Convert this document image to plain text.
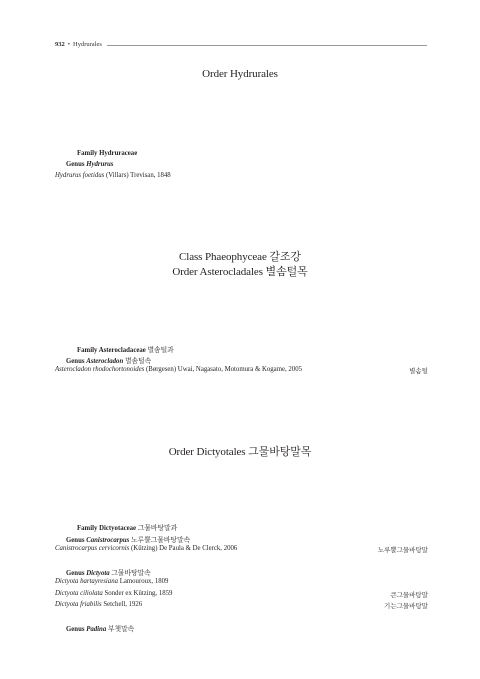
932 • Hydrurales
Order Hydrurales
Family Hydruraceae
Genus Hydrurus
Hydrurus foetidus (Villars) Trevisan, 1848
Class Phaeophyceae 갈조강
Order Asterocladales 별솜털목
Family Asterocladaceae 별솜털과
Genus Asterocladon 별솜털속
Asterocladon rhodochortonoides (Børgesen) Uwai, Nagasato, Motomura & Kogame, 2005	별솜털
Order Dictyotales 그물바탕말목
Family Dictyotaceae 그물바탕말과
Genus Canistrocarpus 노루뿔그물바탕말속
Canistrocarpus cervicornis (Kützing) De Paula & De Clerck, 2006	노루뿔그물바탕말
Genus Dictyota 그물바탕말속
Dictyota bartayresiana Lamouroux, 1809
Dictyota ciliolata Sonder ex Kützing, 1859	큰그물바탕말
Dictyota friabilis Setchell, 1926	기는그물바탕말
Genus Padina 부챗말속
